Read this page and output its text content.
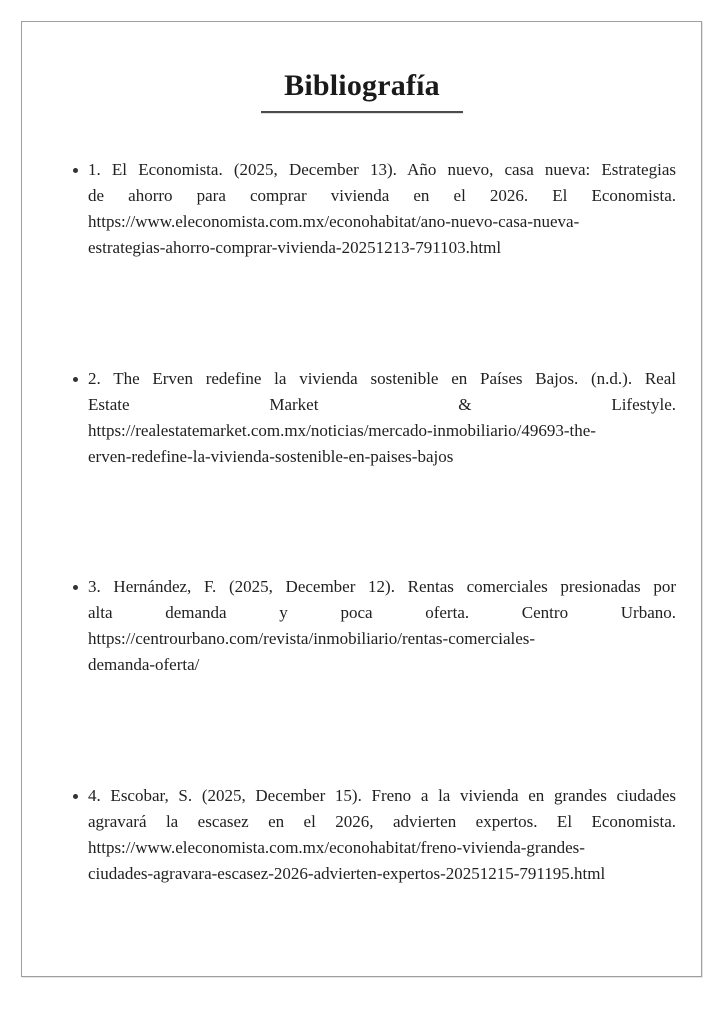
Bibliografía
1. El Economista. (2025, December 13). Año nuevo, casa nueva: Estrategias
de ahorro para comprar vivienda en el 2026. El Economista.
https://www.eleconomista.com.mx/econohabitat/ano-nuevo-casa-nueva-
estrategias-ahorro-comprar-vivienda-20251213-791103.html
2. The Erven redefine la vivienda sostenible en Países Bajos. (n.d.). Real
Estate Market & Lifestyle.
https://realestatemarket.com.mx/noticias/mercado-inmobiliario/49693-the-
erven-redefine-la-vivienda-sostenible-en-paises-bajos
3. Hernández, F. (2025, December 12). Rentas comerciales presionadas por
alta demanda y poca oferta. Centro Urbano.
https://centrourbano.com/revista/inmobiliario/rentas-comerciales-
demanda-oferta/
4. Escobar, S. (2025, December 15). Freno a la vivienda en grandes ciudades
agravará la escasez en el 2026, advierten expertos. El Economista.
https://www.eleconomista.com.mx/econohabitat/freno-vivienda-grandes-
ciudades-agravara-escasez-2026-advierten-expertos-20251215-791195.html
